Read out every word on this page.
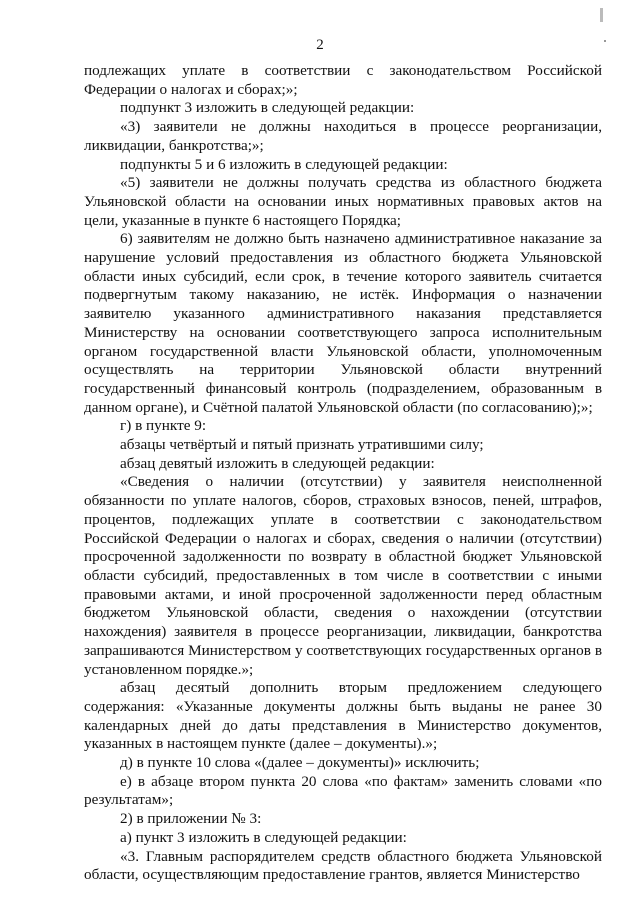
2

подлежащих уплате в соответствии с законодательством Российской Федерации о налогах и сборах;»;

подпункт 3 изложить в следующей редакции:

«3) заявители не должны находиться в процессе реорганизации, ликвидации, банкротства;»;

подпункты 5 и 6 изложить в следующей редакции:

«5) заявители не должны получать средства из областного бюджета Ульяновской области на основании иных нормативных правовых актов на цели, указанные в пункте 6 настоящего Порядка;

6) заявителям не должно быть назначено административное наказание за нарушение условий предоставления из областного бюджета Ульяновской области иных субсидий, если срок, в течение которого заявитель считается подвергнутым такому наказанию, не истёк. Информация о назначении заявителю указанного административного наказания представляется Министерству на основании соответствующего запроса исполнительным органом государственной власти Ульяновской области, уполномоченным осуществлять на территории Ульяновской области внутренний государственный финансовый контроль (подразделением, образованным в данном органе), и Счётной палатой Ульяновской области (по согласованию);»;

г) в пункте 9:

абзацы четвёртый и пятый признать утратившими силу;

абзац девятый изложить в следующей редакции:

«Сведения о наличии (отсутствии) у заявителя неисполненной обязанности по уплате налогов, сборов, страховых взносов, пеней, штрафов, процентов, подлежащих уплате в соответствии с законодательством Российской Федерации о налогах и сборах, сведения о наличии (отсутствии) просроченной задолженности по возврату в областной бюджет Ульяновской области субсидий, предоставленных в том числе в соответствии с иными правовыми актами, и иной просроченной задолженности перед областным бюджетом Ульяновской области, сведения о нахождении (отсутствии нахождения) заявителя в процессе реорганизации, ликвидации, банкротства запрашиваются Министерством у соответствующих государственных органов в установленном порядке.»;

абзац десятый дополнить вторым предложением следующего содержания: «Указанные документы должны быть выданы не ранее 30 календарных дней до даты представления в Министерство документов, указанных в настоящем пункте (далее – документы).»;

д) в пункте 10 слова «(далее – документы)» исключить;

е) в абзаце втором пункта 20 слова «по фактам» заменить словами «по результатам»;

2) в приложении № 3:

а) пункт 3 изложить в следующей редакции:

«3. Главным распорядителем средств областного бюджета Ульяновской области, осуществляющим предоставление грантов, является Министерство
